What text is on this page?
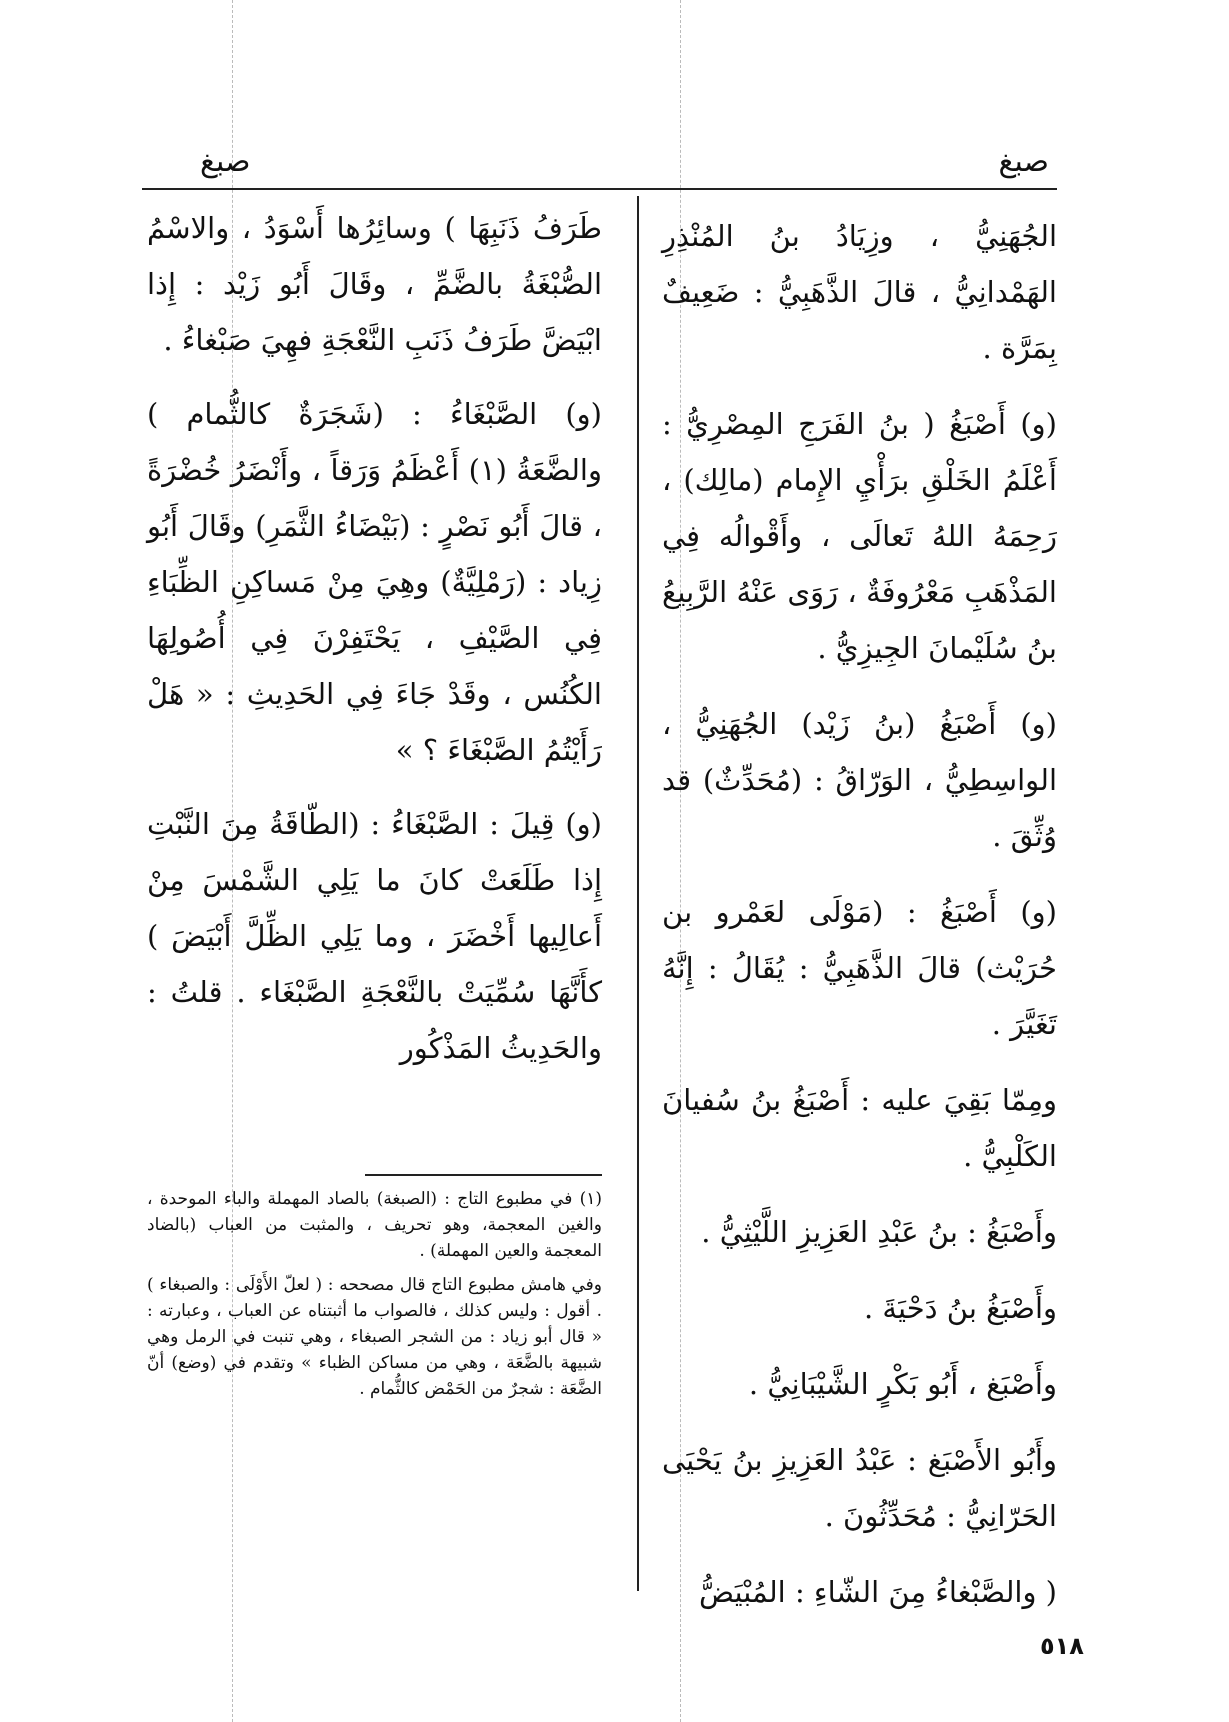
صبغ
صبغ

الجُهَنِيُّ ، وزِيَادُ بنُ المُنْذِرِ الهَمْدانِيُّ ، قالَ الذَّهَبِيُّ : ضَعِيفٌ بِمَرَّة .

(و) أَصْبَغُ ( بنُ الفَرَجِ المِصْرِيُّ : أَعْلَمُ الخَلْقِ برَأْيِ الإِمام (مالِك) ، رَحِمَهُ اللهُ تَعالَى ، وأَقْوالُه فِي المَذْهَبِ مَعْرُوفَةٌ ، رَوَى عَنْهُ الرَّبِيعُ بنُ سُلَيْمانَ الجِيزِيُّ .

(و) أَصْبَغُ (بنُ زَيْد) الجُهَنِيُّ ، الواسِطِيُّ ، الوَرّاقُ : (مُحَدِّثٌ) قد وُثِّقَ .

(و) أَصْبَغُ : (مَوْلَى لعَمْرو بن حُرَيْث) قالَ الذَّهَبِيُّ : يُقَالُ : إِنَّهُ تَغَيَّرَ .

ومِمّا بَقِيَ عليه : أَصْبَغُ بنُ سُفيانَ الكَلْبِيُّ .

وأَصْبَغُ : بنُ عَبْدِ العَزِيزِ اللَّيْثِيُّ .

وأَصْبَغُ بنُ دَحْيَةَ .

وأَصْبَغ ، أَبُو بَكْرٍ الشَّيْبَانِيُّ .

وأَبُو الأَصْبَغ : عَبْدُ العَزِيزِ بنُ يَحْيَى الحَرّانِيُّ : مُحَدِّثُونَ .

( والصَّبْغاءُ مِنَ الشّاءِ : المُبْيَضُّ

طَرَفُ ذَنَبِهَا ) وسائِرُها أَسْوَدُ ، والاسْمُ الصُّبْغَةُ بالضَّمِّ ، وقَالَ أَبُو زَيْد : إِذا ابْيَضَّ طَرَفُ ذَنَبِ النَّعْجَةِ فهِيَ صَبْغاءُ .

(و) الصَّبْغَاءُ : (شَجَرَةٌ كالثُّمام ) والضَّعَةُ (١) أَعْظَمُ وَرَقاً ، وأَنْضَرُ خُضْرَةً ، قالَ أَبُو نَصْرٍ : (بَيْضَاءُ الثَّمَرِ) وقَالَ أَبُو زِياد : (رَمْلِيَّةٌ) وهِيَ مِنْ مَساكِنِ الظِّبَاءِ فِي الصَّيْفِ ، يَحْتَفِرْنَ فِي أُصُولِهَا الكُنُس ، وقَدْ جَاءَ فِي الحَدِيثِ : « هَلْ رَأَيْتُمُ الصَّبْغَاءَ ؟ »

(و) قِيلَ : الصَّبْغَاءُ : (الطّاقَةُ مِنَ النَّبْتِ إِذا طَلَعَتْ كانَ ما يَلِي الشَّمْسَ مِنْ أَعالِيها أَخْضَرَ ، وما يَلِي الظِّلَّ أَبْيَضَ ) كأَنَّهَا سُمِّيَتْ بالنَّعْجَةِ الصَّبْغَاء . قلتُ : والحَدِيثُ المَذْكُور

(١) في مطبوع التاج : (الصبغة) بالصاد المهملة والباء الموحدة ، والغين المعجمة، وهو تحريف ، والمثبت من العباب (بالضاد المعجمة والعين المهملة) .

وفي هامش مطبوع التاج قال مصححه : ( لعلّ الأَوْلَى : والصبغاء ) . أقول : وليس كذلك ، فالصواب ما أثبتناه عن العباب ، وعبارته : « قال أبو زياد : من الشجر الصبغاء ، وهي تنبت في الرمل وهي شبيهة بالضَّعَة ، وهي من مساكن الظباء » وتقدم في (وضع) أنّ الضَّعَة : شجرٌ من الحَمْض كالثُّمام .

٥١٨
